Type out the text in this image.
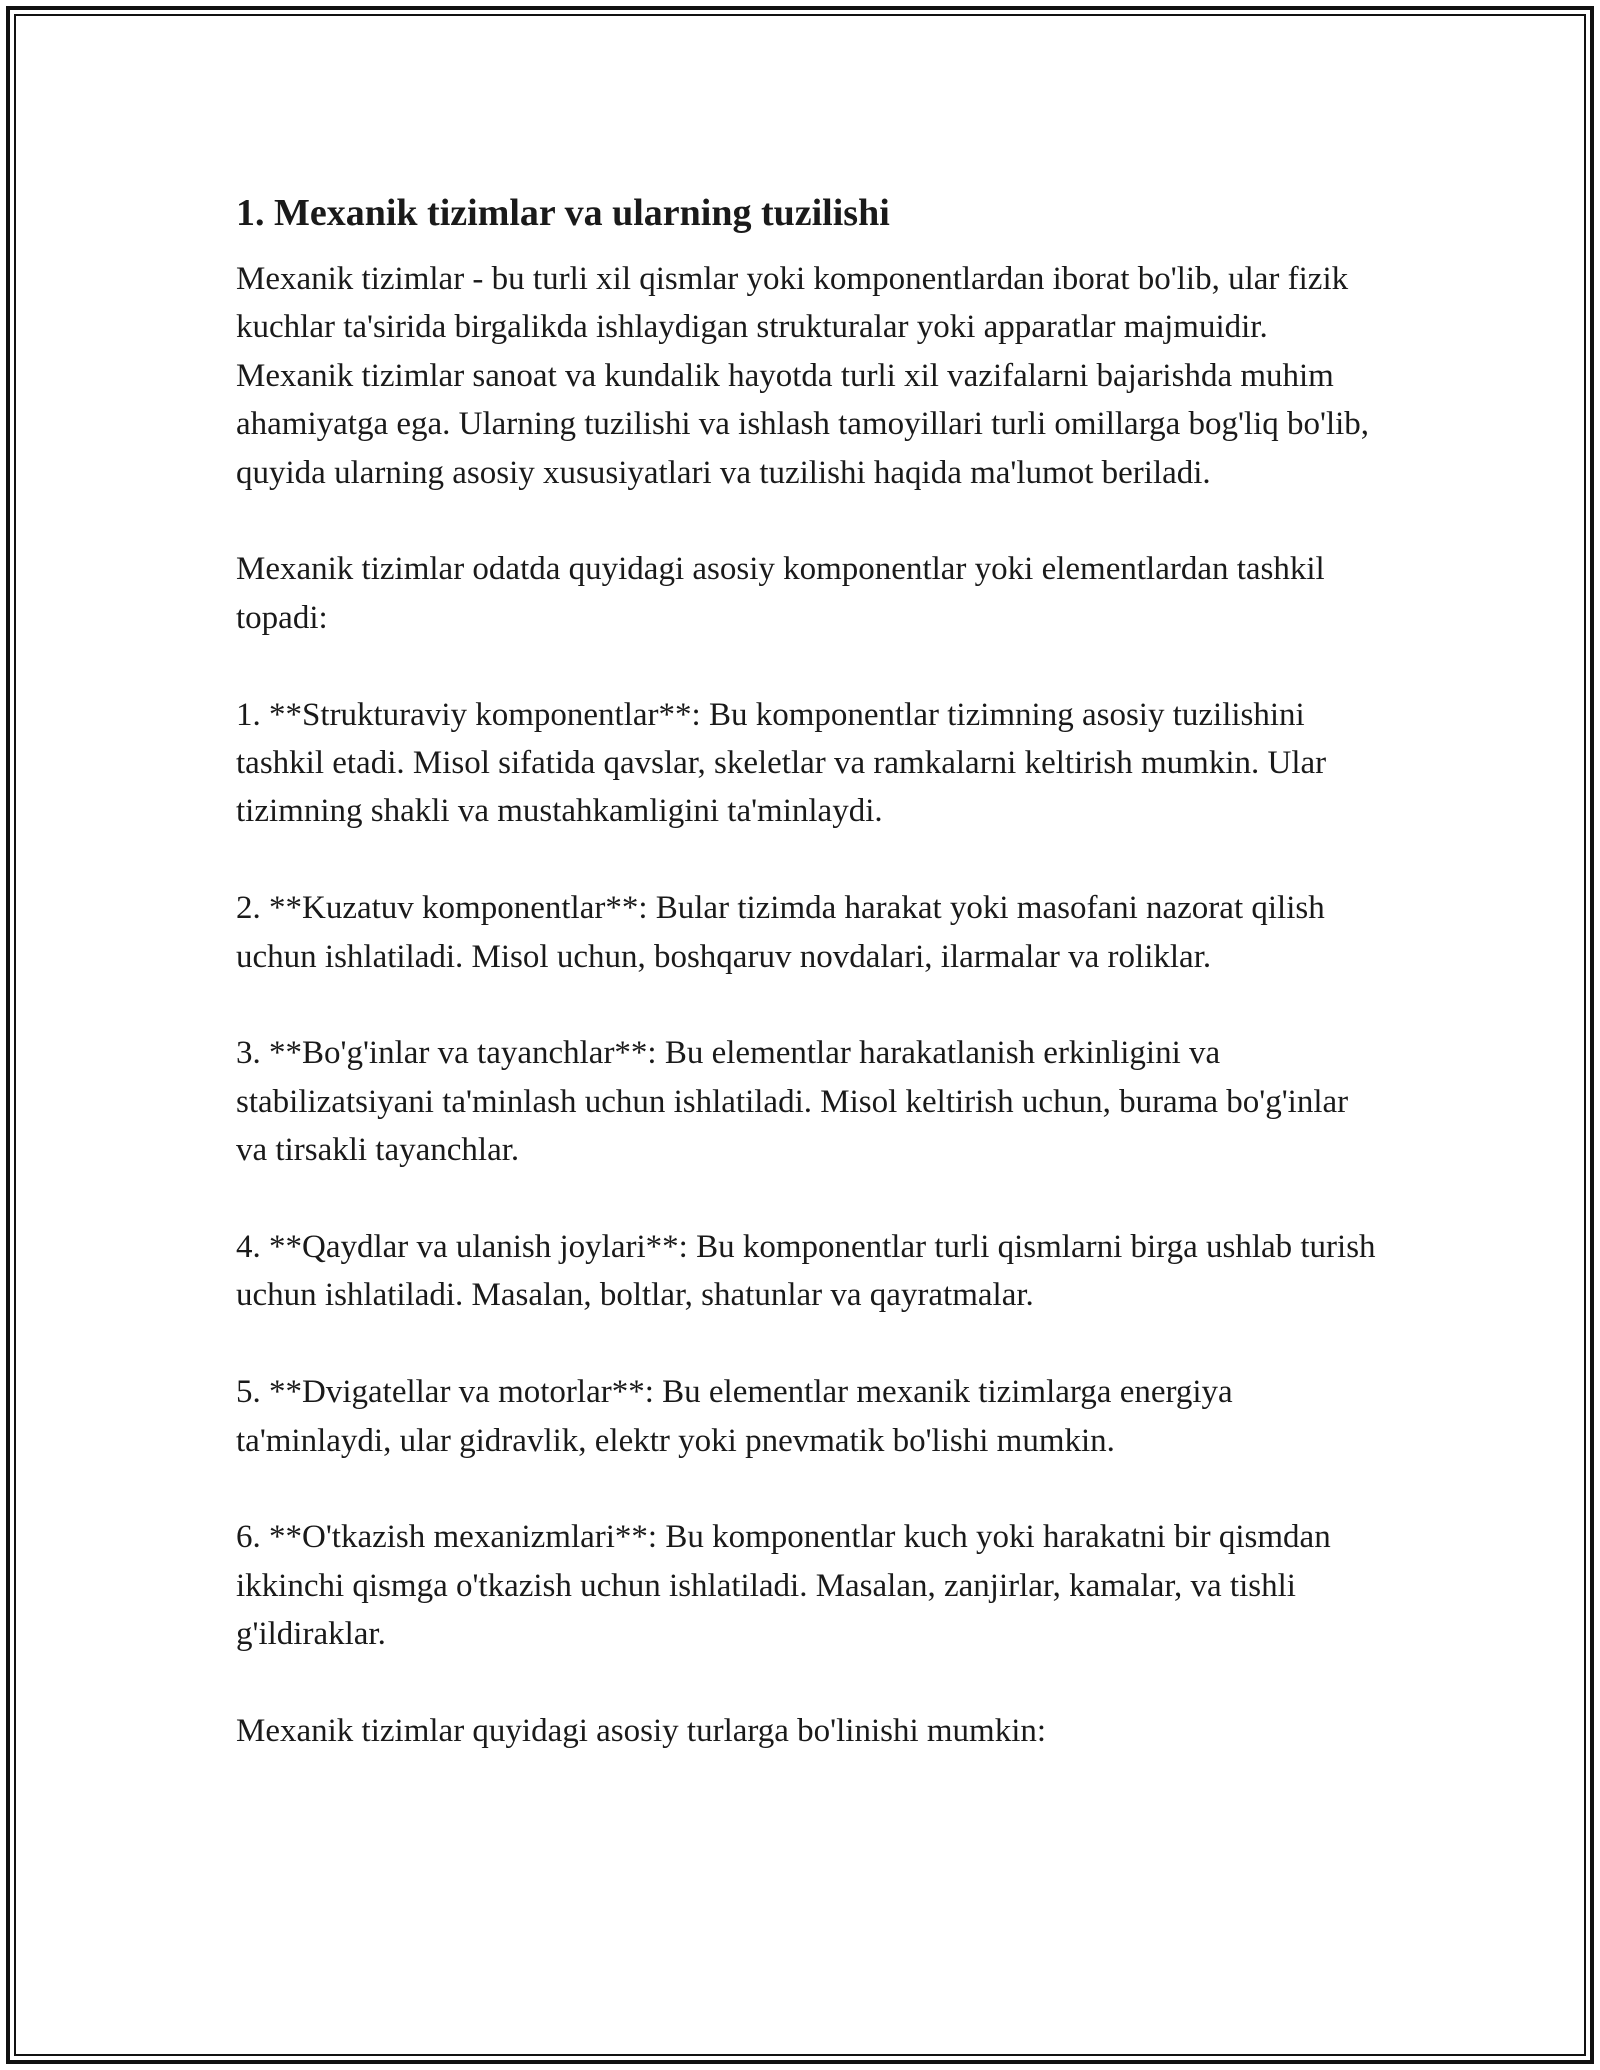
1. Mexanik tizimlar va ularning tuzilishi

Mexanik tizimlar - bu turli xil qismlar yoki komponentlardan iborat bo'lib, ular fizik kuchlar ta'sirida birgalikda ishlaydigan strukturalar yoki apparatlar majmuidir. Mexanik tizimlar sanoat va kundalik hayotda turli xil vazifalarni bajarishda muhim ahamiyatga ega. Ularning tuzilishi va ishlash tamoyillari turli omillarga bog'liq bo'lib, quyida ularning asosiy xususiyatlari va tuzilishi haqida ma'lumot beriladi.

Mexanik tizimlar odatda quyidagi asosiy komponentlar yoki elementlardan tashkil topadi:

1. **Strukturaviy komponentlar**: Bu komponentlar tizimning asosiy tuzilishini tashkil etadi. Misol sifatida qavslar, skeletlar va ramkalarni keltirish mumkin. Ular tizimning shakli va mustahkamligini ta'minlaydi.

2. **Kuzatuv komponentlar**: Bular tizimda harakat yoki masofani nazorat qilish uchun ishlatiladi. Misol uchun, boshqaruv novdalari, ilarmalar va roliklar.

3. **Bo'g'inlar va tayanchlar**: Bu elementlar harakatlanish erkinligini va stabilizatsiyani ta'minlash uchun ishlatiladi. Misol keltirish uchun, burama bo'g'inlar va tirsakli tayanchlar.

4. **Qaydlar va ulanish joylari**: Bu komponentlar turli qismlarni birga ushlab turish uchun ishlatiladi. Masalan, boltlar, shatunlar va qayratmalar.

5. **Dvigatellar va motorlar**: Bu elementlar mexanik tizimlarga energiya ta'minlaydi, ular gidravlik, elektr yoki pnevmatik bo'lishi mumkin.

6. **O'tkazish mexanizmlari**: Bu komponentlar kuch yoki harakatni bir qismdan ikkinchi qismga o'tkazish uchun ishlatiladi. Masalan, zanjirlar, kamalar, va tishli g'ildiraklar.

Mexanik tizimlar quyidagi asosiy turlarga bo'linishi mumkin:
